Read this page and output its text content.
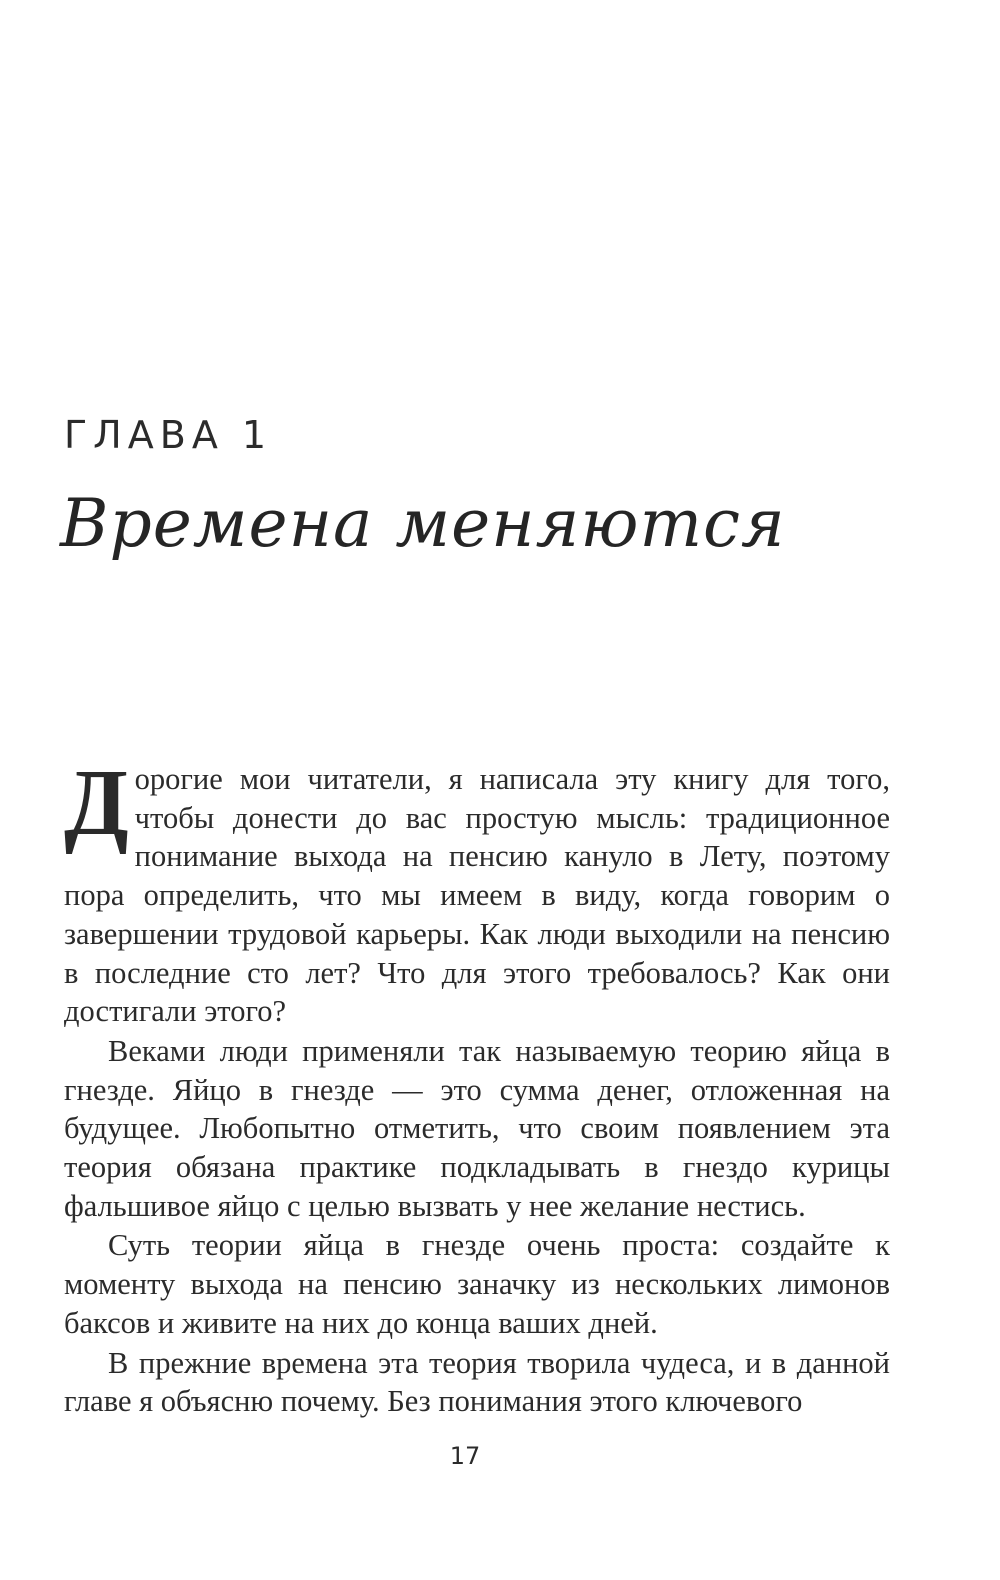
ГЛАВА 1
Времена меняются

Дорогие мои читатели, я написала эту книгу для того, чтобы донести до вас простую мысль: традиционное понимание выхода на пенсию кануло в Лету, поэтому пора определить, что мы имеем в виду, когда говорим о завершении трудовой карьеры. Как люди выходили на пенсию в последние сто лет? Что для этого требовалось? Как они достигали этого?

Веками люди применяли так называемую теорию яйца в гнезде. Яйцо в гнезде — это сумма денег, отложенная на будущее. Любопытно отметить, что своим появлением эта теория обязана практике подкладывать в гнездо курицы фальшивое яйцо с целью вызвать у нее желание нестись.

Суть теории яйца в гнезде очень проста: создайте к моменту выхода на пенсию заначку из нескольких лимонов баксов и живите на них до конца ваших дней.

В прежние времена эта теория творила чудеса, и в данной главе я объясню почему. Без понимания этого ключевого

17
